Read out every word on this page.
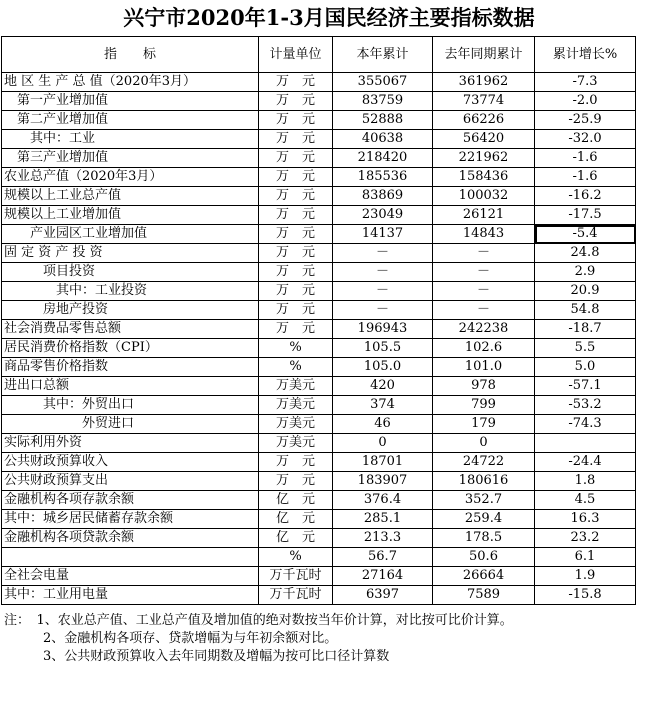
兴宁市2020年1-3月国民经济主要指标数据
指　　标	计量单位	本年累计	去年同期累计	累计增长%
地 区 生 产 总 值（2020年3月）	万　元	355067	361962	-7.3
第一产业增加值	万　元	83759	73774	-2.0
第二产业增加值	万　元	52888	66226	-25.9
其中：工业	万　元	40638	56420	-32.0
第三产业增加值	万　元	218420	221962	-1.6
农业总产值（2020年3月）	万　元	185536	158436	-1.6
规模以上工业总产值	万　元	83869	100032	-16.2
规模以上工业增加值	万　元	23049	26121	-17.5
产业园区工业增加值	万　元	14137	14843	-5.4
固 定 资 产 投 资	万　元	－	－	24.8
项目投资	万　元	－	－	2.9
其中：工业投资	万　元	－	－	20.9
房地产投资	万　元	－	－	54.8
社会消费品零售总额	万　元	196943	242238	-18.7
居民消费价格指数（CPI）	%	105.5	102.6	5.5
商品零售价格指数	%	105.0	101.0	5.0
进出口总额	万美元	420	978	-57.1
其中：外贸出口	万美元	374	799	-53.2
外贸进口	万美元	46	179	-74.3
实际利用外资	万美元	0	0	
公共财政预算收入	万　元	18701	24722	-24.4
公共财政预算支出	万　元	183907	180616	1.8
金融机构各项存款余额	亿　元	376.4	352.7	4.5
其中：城乡居民储蓄存款余额	亿　元	285.1	259.4	16.3
金融机构各项贷款余额	亿　元	213.3	178.5	23.2
	%	56.7	50.6	6.1
全社会电量	万千瓦时	27164	26664	1.9
其中：工业用电量	万千瓦时	6397	7589	-15.8
注：　1、农业总产值、工业总产值及增加值的绝对数按当年价计算，对比按可比价计算。
　　　2、金融机构各项存、贷款增幅为与年初余额对比。
　　　3、公共财政预算收入去年同期数及增幅为按可比口径计算数
